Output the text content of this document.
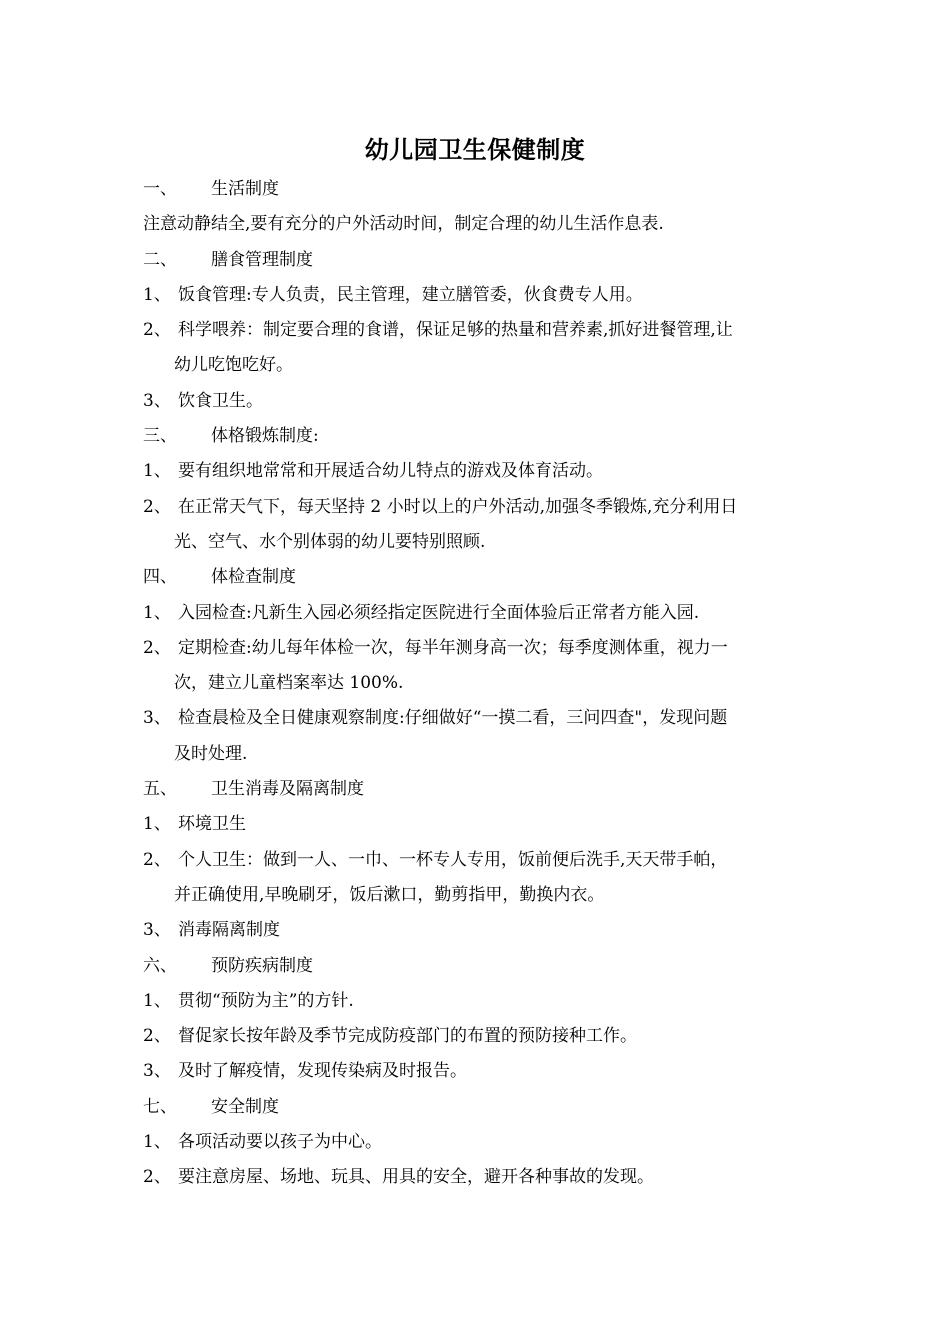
幼儿园卫生保健制度
一、 生活制度
注意动静结全,要有充分的户外活动时间，制定合理的幼儿生活作息表.
二、 膳食管理制度
1、 饭食管理:专人负责，民主管理，建立膳管委，伙食费专人用。
2、 科学喂养：制定要合理的食谱，保证足够的热量和营养素,抓好进餐管理,让
幼儿吃饱吃好。
3、 饮食卫生。
三、 体格锻炼制度:
1、 要有组织地常常和开展适合幼儿特点的游戏及体育活动。
2、 在正常天气下，每天坚持 2 小时以上的户外活动,加强冬季锻炼,充分利用日
光、空气、水个别体弱的幼儿要特别照顾.
四、 体检查制度
1、 入园检查:凡新生入园必须经指定医院进行全面体验后正常者方能入园.
2、 定期检查:幼儿每年体检一次，每半年测身高一次；每季度测体重，视力一
次，建立儿童档案率达 100%.
3、 检查晨检及全日健康观察制度:仔细做好“一摸二看，三问四查"，发现问题
及时处理.
五、 卫生消毒及隔离制度
1、 环境卫生
2、 个人卫生：做到一人、一巾、一杯专人专用，饭前便后洗手,天天带手帕，
并正确使用,早晚刷牙，饭后漱口，勤剪指甲，勤换内衣。
3、 消毒隔离制度
六、 预防疾病制度
1、 贯彻“预防为主”的方针.
2、 督促家长按年龄及季节完成防疫部门的布置的预防接种工作。
3、 及时了解疫情，发现传染病及时报告。
七、 安全制度
1、 各项活动要以孩子为中心。
2、 要注意房屋、场地、玩具、用具的安全，避开各种事故的发现。
